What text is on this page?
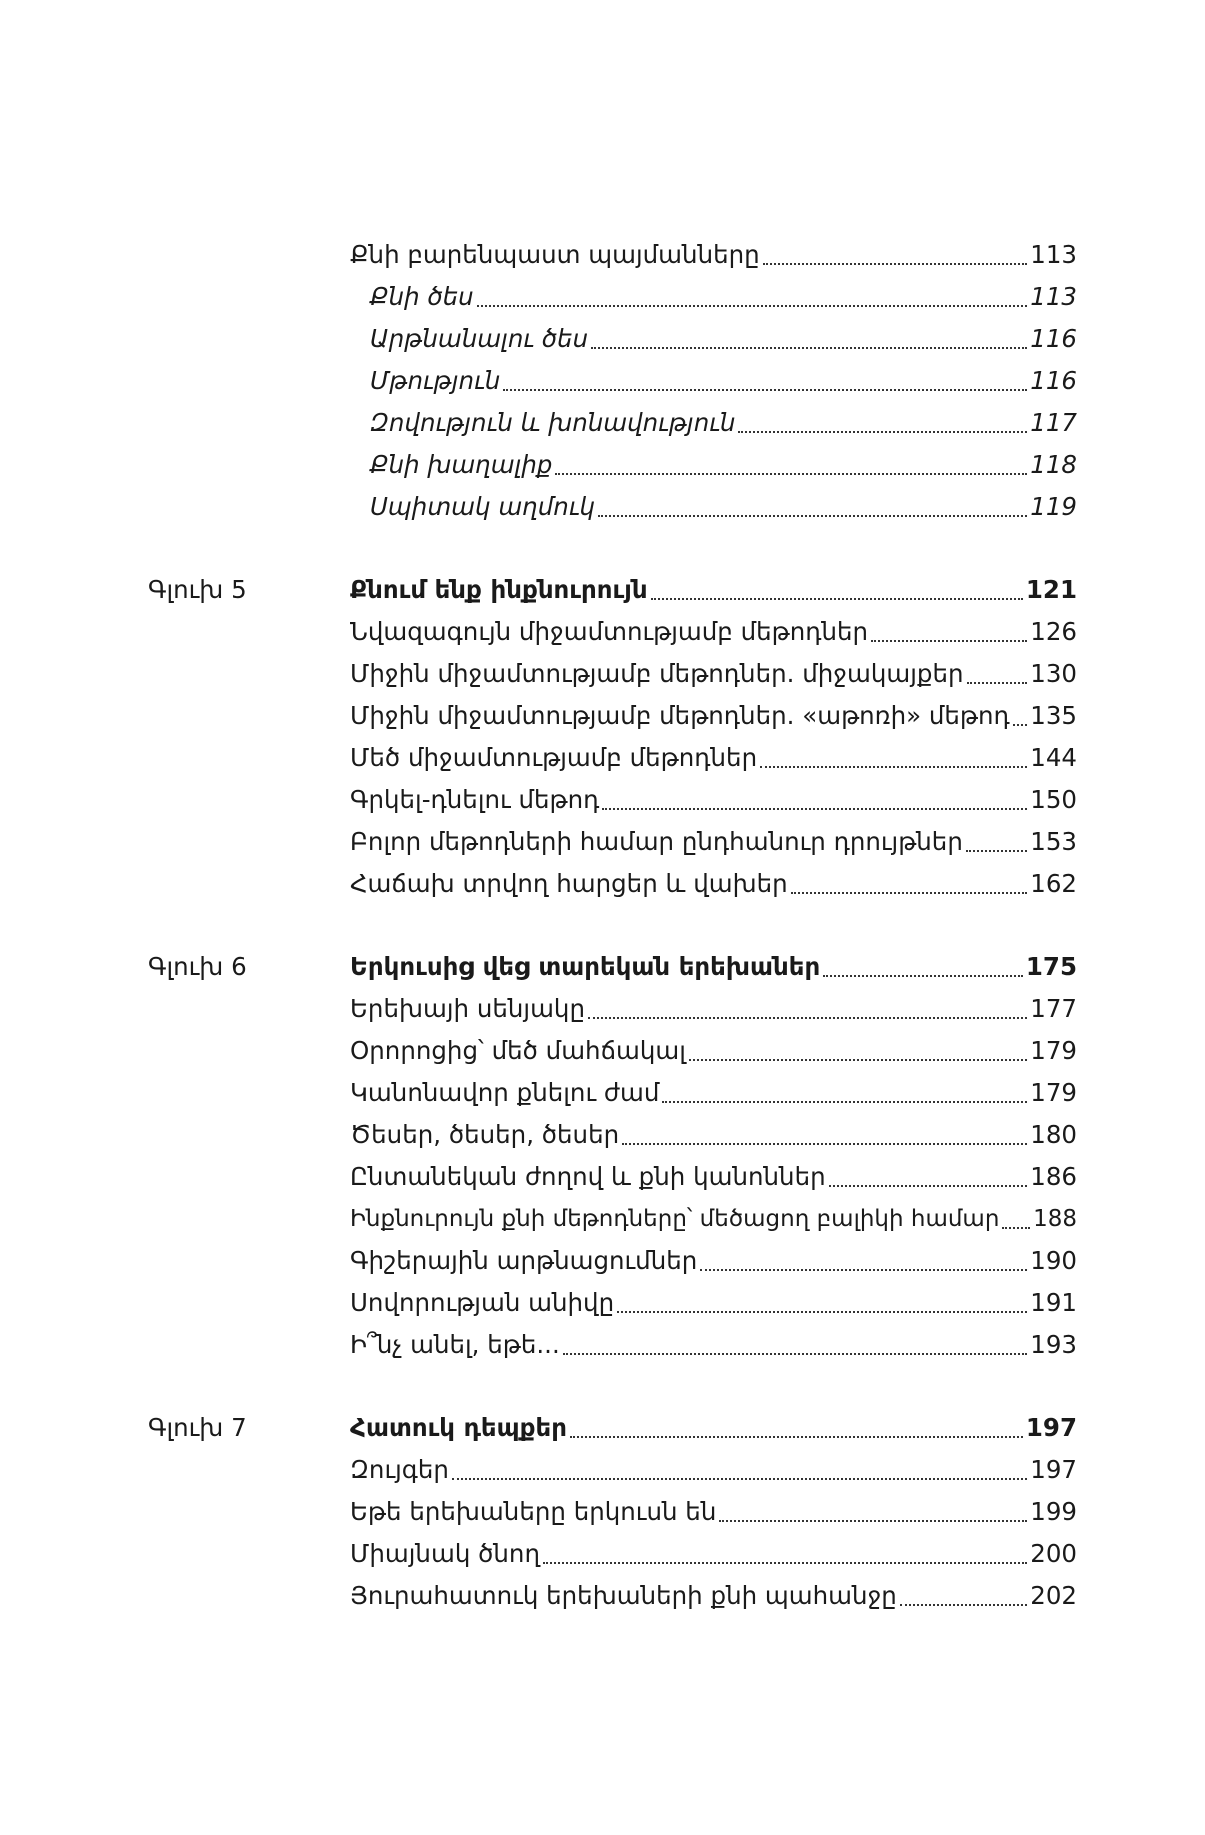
Քնի բարենպաստ պայմանները	113
Քնի ծես	113
Արթնանալու ծես	116
Մթություն	116
Զովություն և խոնավություն	117
Քնի խաղալիք	118
Սպիտակ աղմուկ	119
Գլուխ 5	Քնում ենք ինքնուրույն	121
Նվազագույն միջամտությամբ մեթոդներ	126
Միջին միջամտությամբ մեթոդներ. միջակայքեր	130
Միջին միջամտությամբ մեթոդներ. «աթոռի» մեթոդ 135
Մեծ միջամտությամբ մեթոդներ	144
Գրկել-դնելու մեթոդ	150
Բոլոր մեթոդների համար ընդհանուր դրույթներ	153
Հաճախ տրվող հարցեր և վախեր	162
Գլուխ 6	Երկուսից վեց տարեկան երեխաներ	175
Երեխայի սենյակը	177
Օրորոցից՝ մեծ մահճակալ	179
Կանոնավոր քնելու ժամ	179
Ծեսեր, ծեսեր, ծեսեր	180
Ընտանեկան ժողով և քնի կանոններ	186
Ինքնուրույն քնի մեթոդները՝ մեծացող բալիկի համար 188
Գիշերային արթնացումներ	190
Սովորության անիվը	191
Ի՞նչ անել, եթե...	193
Գլուխ 7	Հատուկ դեպքեր	197
Զույգեր	197
Եթե երեխաները երկուսն են	199
Միայնակ ծնող	200
Յուրահատուկ երեխաների քնի պահանջը	202
